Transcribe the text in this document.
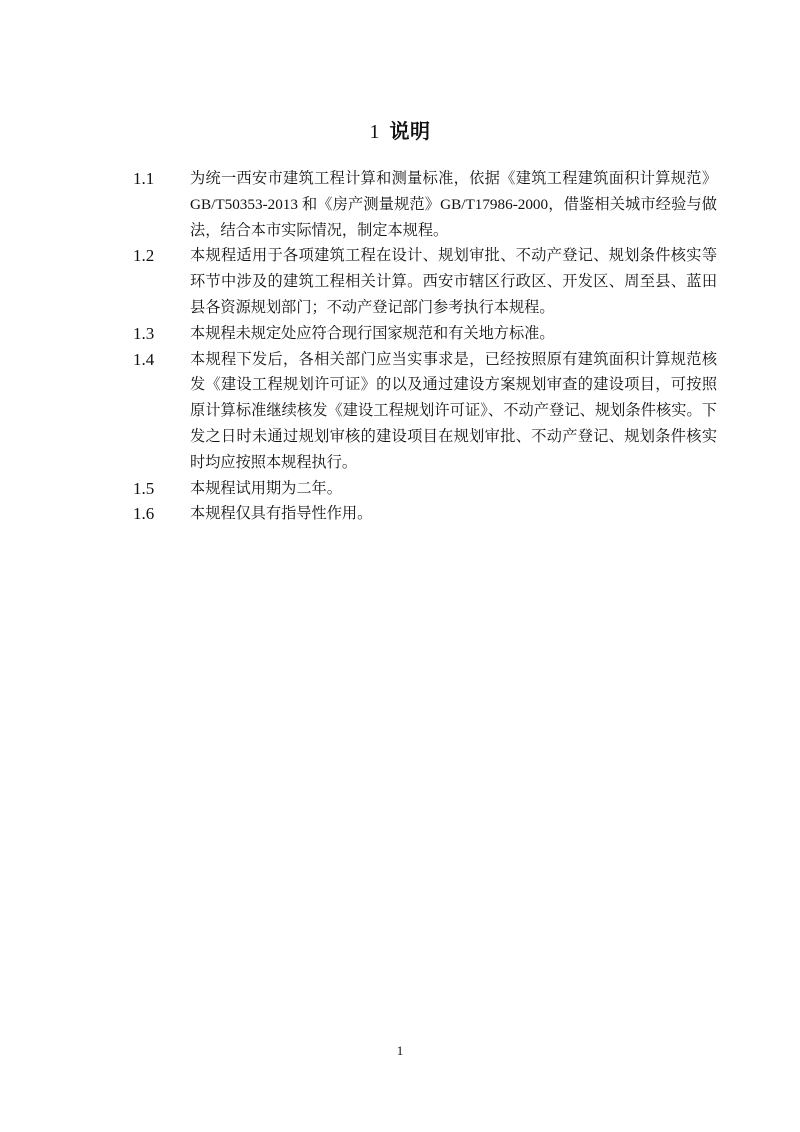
1 说明
1.1 为统一西安市建筑工程计算和测量标准，依据《建筑工程建筑面积计算规范》GB/T50353-2013 和《房产测量规范》GB/T17986-2000，借鉴相关城市经验与做法，结合本市实际情况，制定本规程。
1.2 本规程适用于各项建筑工程在设计、规划审批、不动产登记、规划条件核实等环节中涉及的建筑工程相关计算。西安市辖区行政区、开发区、周至县、蓝田县各资源规划部门；不动产登记部门参考执行本规程。
1.3 本规程未规定处应符合现行国家规范和有关地方标准。
1.4 本规程下发后，各相关部门应当实事求是，已经按照原有建筑面积计算规范核发《建设工程规划许可证》的以及通过建设方案规划审查的建设项目，可按照原计算标准继续核发《建设工程规划许可证》、不动产登记、规划条件核实。下发之日时未通过规划审核的建设项目在规划审批、不动产登记、规划条件核实时均应按照本规程执行。
1.5 本规程试用期为二年。
1.6 本规程仅具有指导性作用。
1
